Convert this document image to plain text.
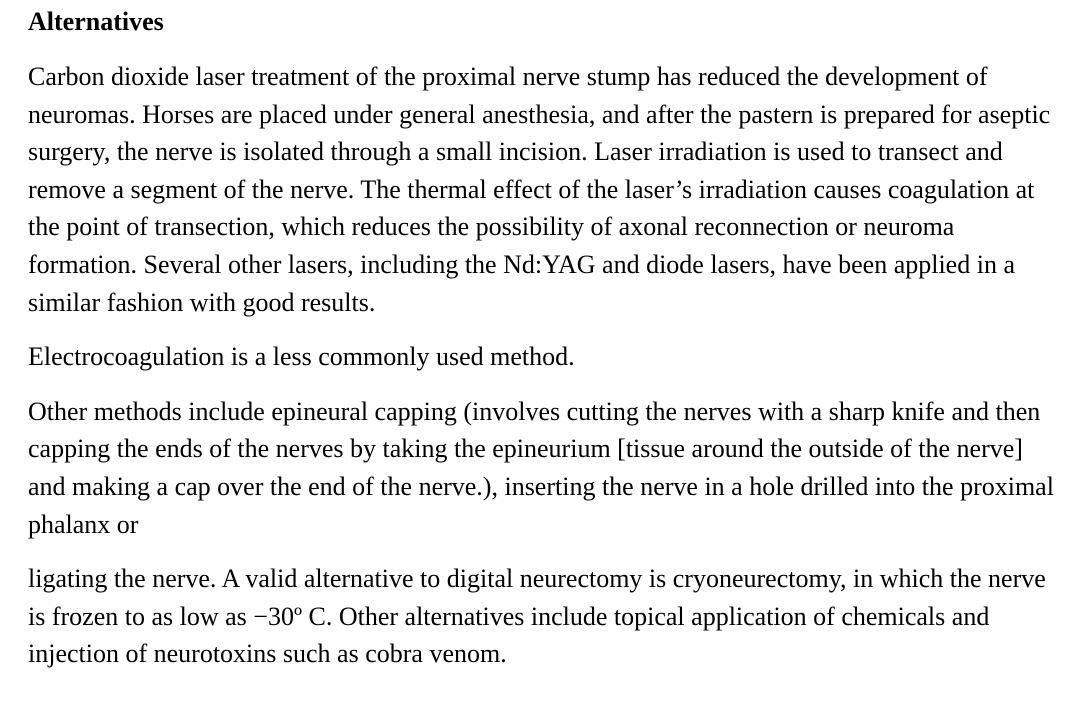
Alternatives

Carbon dioxide laser treatment of the proximal nerve stump has reduced the development of neuromas. Horses are placed under general anesthesia, and after the pastern is prepared for aseptic surgery, the nerve is isolated through a small incision. Laser irradiation is used to transect and remove a segment of the nerve. The thermal effect of the laser’s irradiation causes coagulation at the point of transection, which reduces the possibility of axonal reconnection or neuroma formation. Several other lasers, including the Nd:YAG and diode lasers, have been applied in a similar fashion with good results.

Electrocoagulation is a less commonly used method.

Other methods include epineural capping (involves cutting the nerves with a sharp knife and then capping the ends of the nerves by taking the epineurium [tissue around the outside of the nerve] and making a cap over the end of the nerve.), inserting the nerve in a hole drilled into the proximal phalanx or

ligating the nerve. A valid alternative to digital neurectomy is cryoneurectomy, in which the nerve is frozen to as low as −30º C. Other alternatives include topical application of chemicals and injection of neurotoxins such as cobra venom.
